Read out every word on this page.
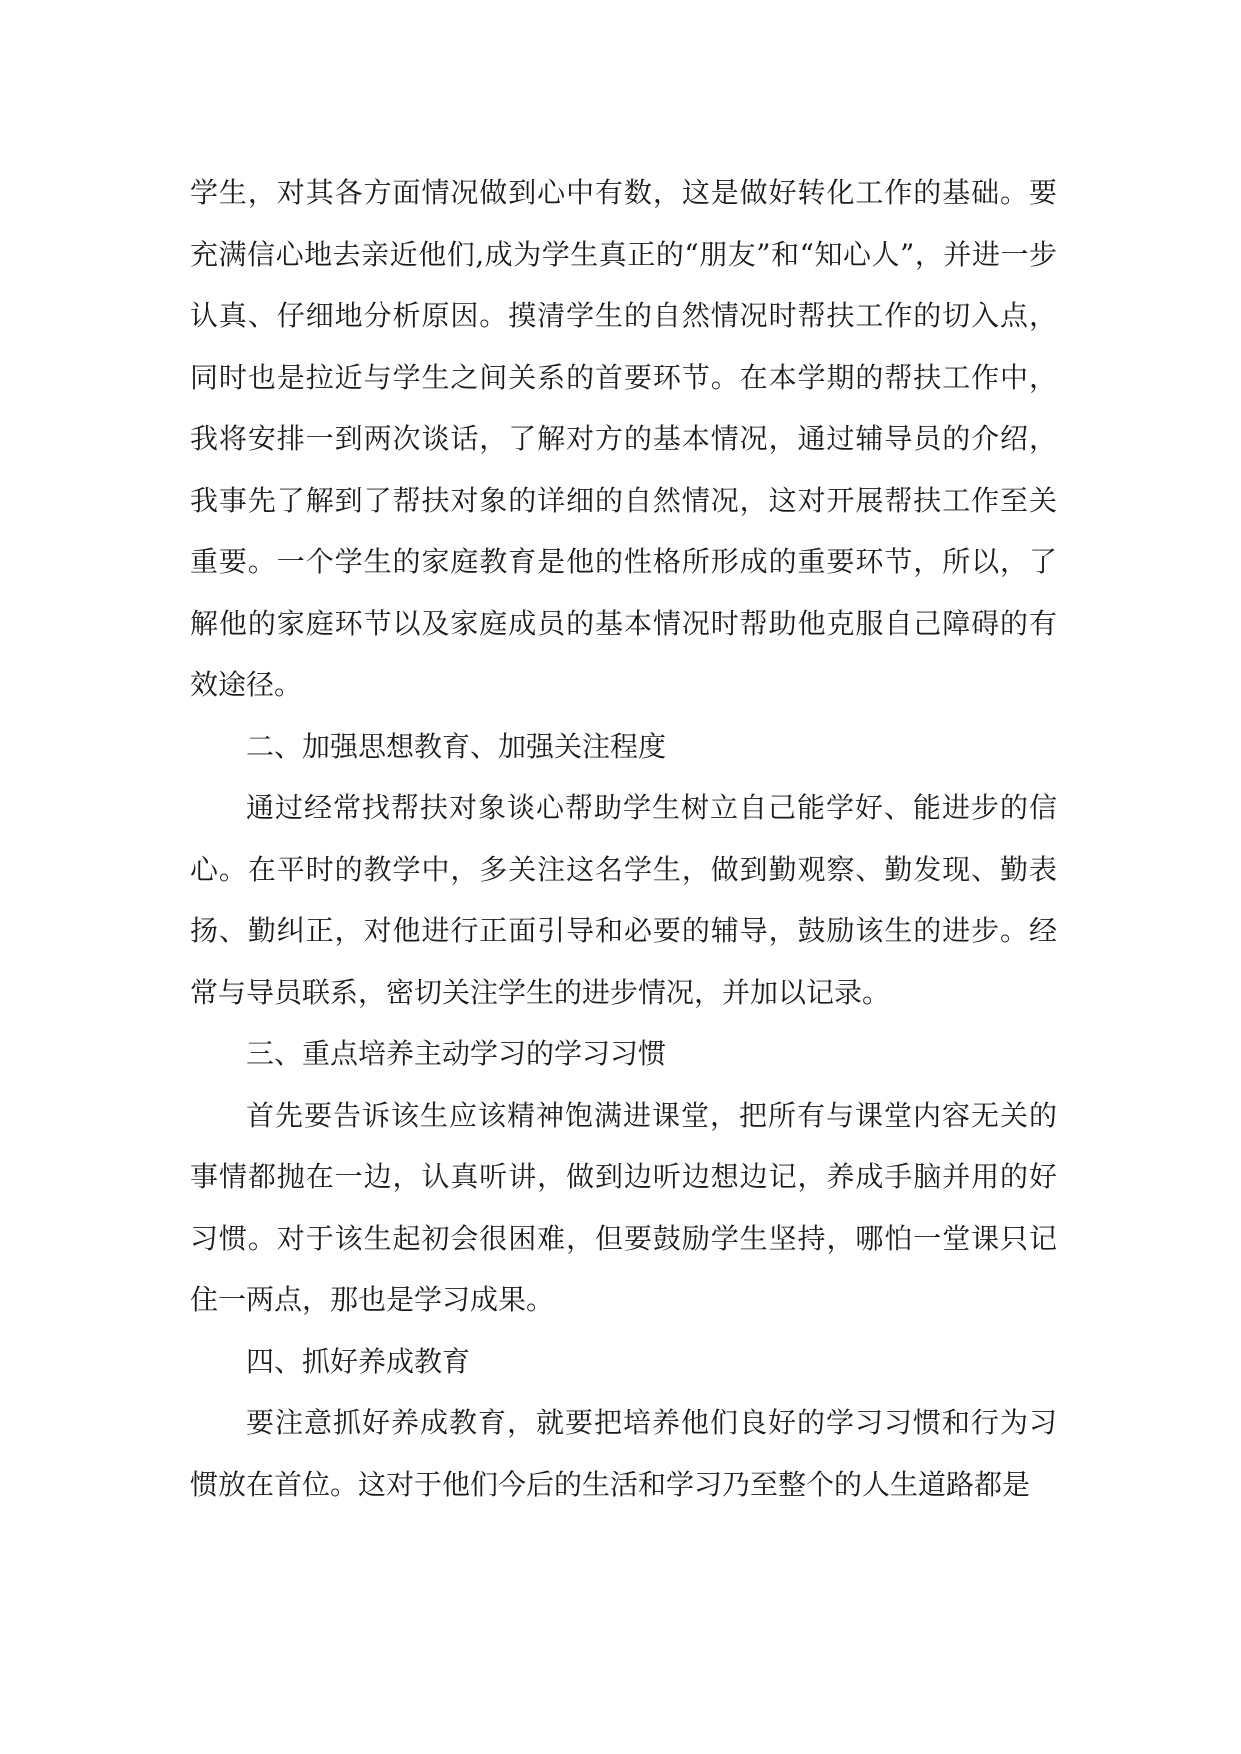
学生，对其各方面情况做到心中有数，这是做好转化工作的基础。要充满信心地去亲近他们,成为学生真正的“朋友”和“知心人”，并进一步认真、仔细地分析原因。摸清学生的自然情况时帮扶工作的切入点，同时也是拉近与学生之间关系的首要环节。在本学期的帮扶工作中，我将安排一到两次谈话，了解对方的基本情况，通过辅导员的介绍，我事先了解到了帮扶对象的详细的自然情况，这对开展帮扶工作至关重要。一个学生的家庭教育是他的性格所形成的重要环节，所以，了解他的家庭环节以及家庭成员的基本情况时帮助他克服自己障碍的有效途径。

二、加强思想教育、加强关注程度

通过经常找帮扶对象谈心帮助学生树立自己能学好、能进步的信心。在平时的教学中，多关注这名学生，做到勤观察、勤发现、勤表扬、勤纠正，对他进行正面引导和必要的辅导，鼓励该生的进步。经常与导员联系，密切关注学生的进步情况，并加以记录。

三、重点培养主动学习的学习习惯

首先要告诉该生应该精神饱满进课堂，把所有与课堂内容无关的事情都抛在一边，认真听讲，做到边听边想边记，养成手脑并用的好习惯。对于该生起初会很困难，但要鼓励学生坚持，哪怕一堂课只记住一两点，那也是学习成果。

四、抓好养成教育

要注意抓好养成教育，就要把培养他们良好的学习习惯和行为习惯放在首位。这对于他们今后的生活和学习乃至整个的人生道路都是
